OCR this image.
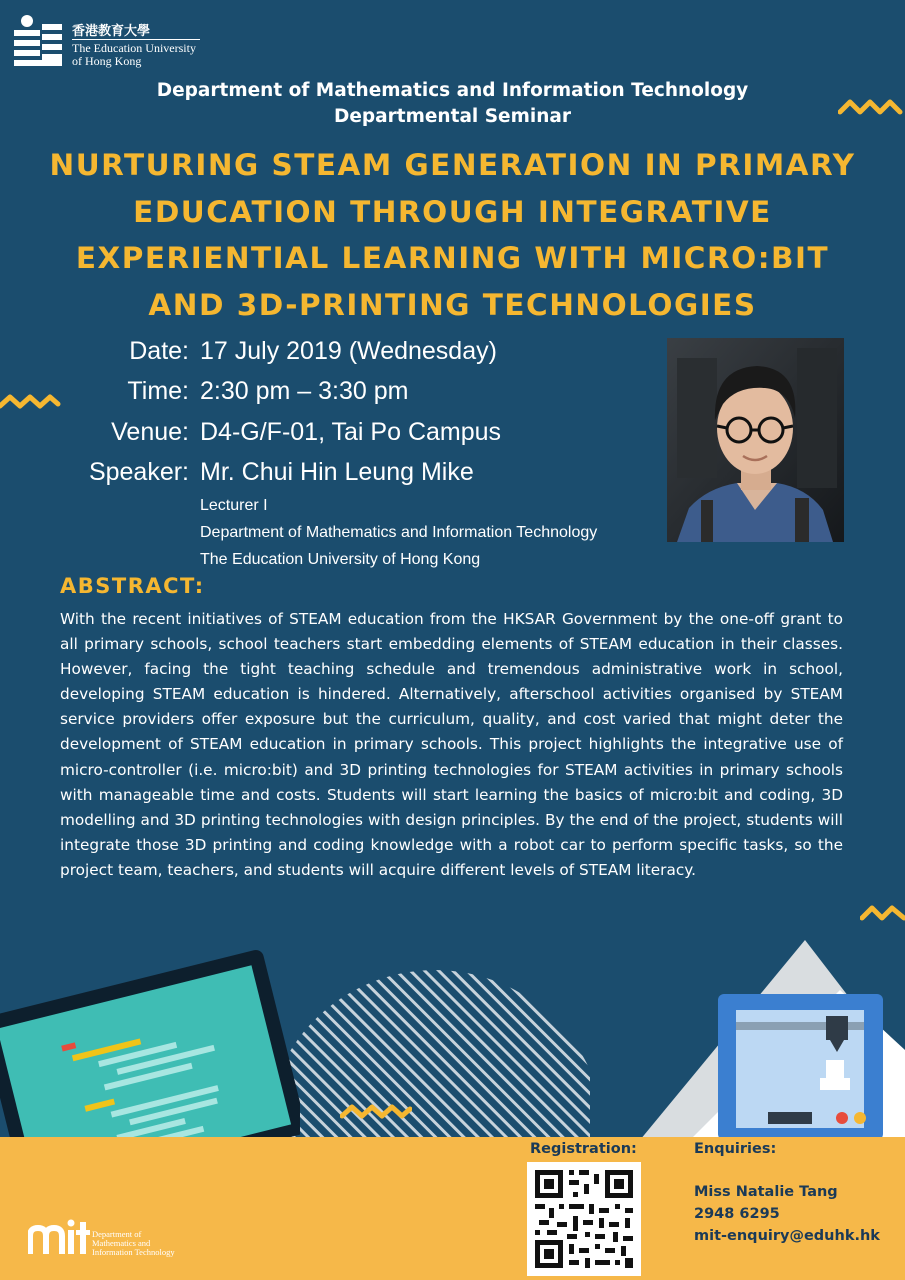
香港教育大學
The Education University
of Hong Kong
Department of Mathematics and Information Technology
Departmental Seminar
NURTURING STEAM GENERATION IN PRIMARY
EDUCATION THROUGH INTEGRATIVE
EXPERIENTIAL LEARNING WITH MICRO:BIT
AND 3D-PRINTING TECHNOLOGIES
Date: 17 July 2019 (Wednesday)
Time: 2:30 pm – 3:30 pm
Venue: D4-G/F-01, Tai Po Campus
Speaker: Mr. Chui Hin Leung Mike
Lecturer I
Department of Mathematics and Information Technology
The Education University of Hong Kong
ABSTRACT:
With the recent initiatives of STEAM education from the HKSAR Government by the one-off grant to all primary schools, school teachers start embedding elements of STEAM education in their classes. However, facing the tight teaching schedule and tremendous administrative work in school, developing STEAM education is hindered. Alternatively, afterschool activities organised by STEAM service providers offer exposure but the curriculum, quality, and cost varied that might deter the development of STEAM education in primary schools. This project highlights the integrative use of micro-controller (i.e. micro:bit) and 3D printing technologies for STEAM activities in primary schools with manageable time and costs. Students will start learning the basics of micro:bit and coding, 3D modelling and 3D printing technologies with design principles. By the end of the project, students will integrate those 3D printing and coding knowledge with a robot car to perform specific tasks, so the project team, teachers, and students will acquire different levels of STEAM literacy.
Department of
Mathematics and
Information Technology
Registration:	Enquiries:
Miss Natalie Tang
2948 6295
mit-enquiry@eduhk.hk
